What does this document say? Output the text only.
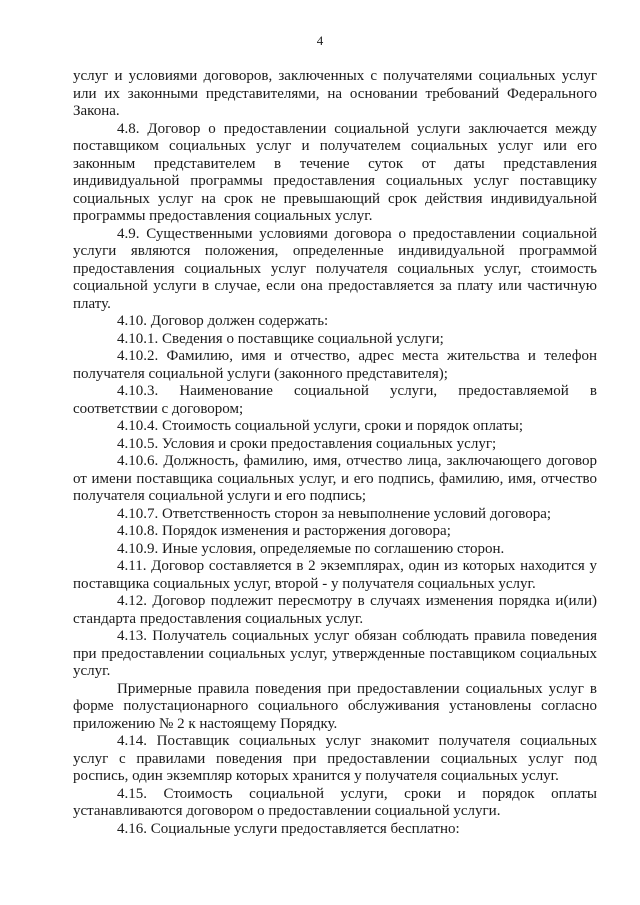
4

услуг и условиями договоров, заключенных с получателями социальных услуг или их законными представителями, на основании требований Федерального Закона.

4.8. Договор о предоставлении социальной услуги заключается между поставщиком социальных услуг и получателем социальных услуг или его законным представителем в течение суток от даты представления индивидуальной программы предоставления социальных услуг поставщику социальных услуг на срок не превышающий срок действия индивидуальной программы предоставления социальных услуг.

4.9. Существенными условиями договора о предоставлении социальной услуги являются положения, определенные индивидуальной программой предоставления социальных услуг получателя социальных услуг, стоимость социальной услуги в случае, если она предоставляется за плату или частичную плату.

4.10. Договор должен содержать:

4.10.1. Сведения о поставщике социальной услуги;

4.10.2. Фамилию, имя и отчество, адрес места жительства и телефон получателя социальной услуги (законного представителя);

4.10.3. Наименование социальной услуги, предоставляемой в соответствии с договором;

4.10.4. Стоимость социальной услуги, сроки и порядок оплаты;

4.10.5. Условия и сроки предоставления социальных услуг;

4.10.6. Должность, фамилию, имя, отчество лица, заключающего договор от имени поставщика социальных услуг, и его подпись, фамилию, имя, отчество получателя социальной услуги и его подпись;

4.10.7. Ответственность сторон за невыполнение условий договора;

4.10.8. Порядок изменения и расторжения договора;

4.10.9. Иные условия, определяемые по соглашению сторон.

4.11. Договор составляется в 2 экземплярах, один из которых находится у поставщика социальных услуг, второй - у получателя социальных услуг.

4.12. Договор подлежит пересмотру в случаях изменения порядка и(или) стандарта предоставления социальных услуг.

4.13. Получатель социальных услуг обязан соблюдать правила поведения при предоставлении социальных услуг, утвержденные поставщиком социальных услуг.

Примерные правила поведения при предоставлении социальных услуг в форме полустационарного социального обслуживания установлены согласно приложению № 2 к настоящему Порядку.

4.14. Поставщик социальных услуг знакомит получателя социальных услуг с правилами поведения при предоставлении социальных услуг под роспись, один экземпляр которых хранится у получателя социальных услуг.

4.15. Стоимость социальной услуги, сроки и порядок оплаты устанавливаются договором о предоставлении социальной услуги.

4.16. Социальные услуги предоставляется бесплатно:
